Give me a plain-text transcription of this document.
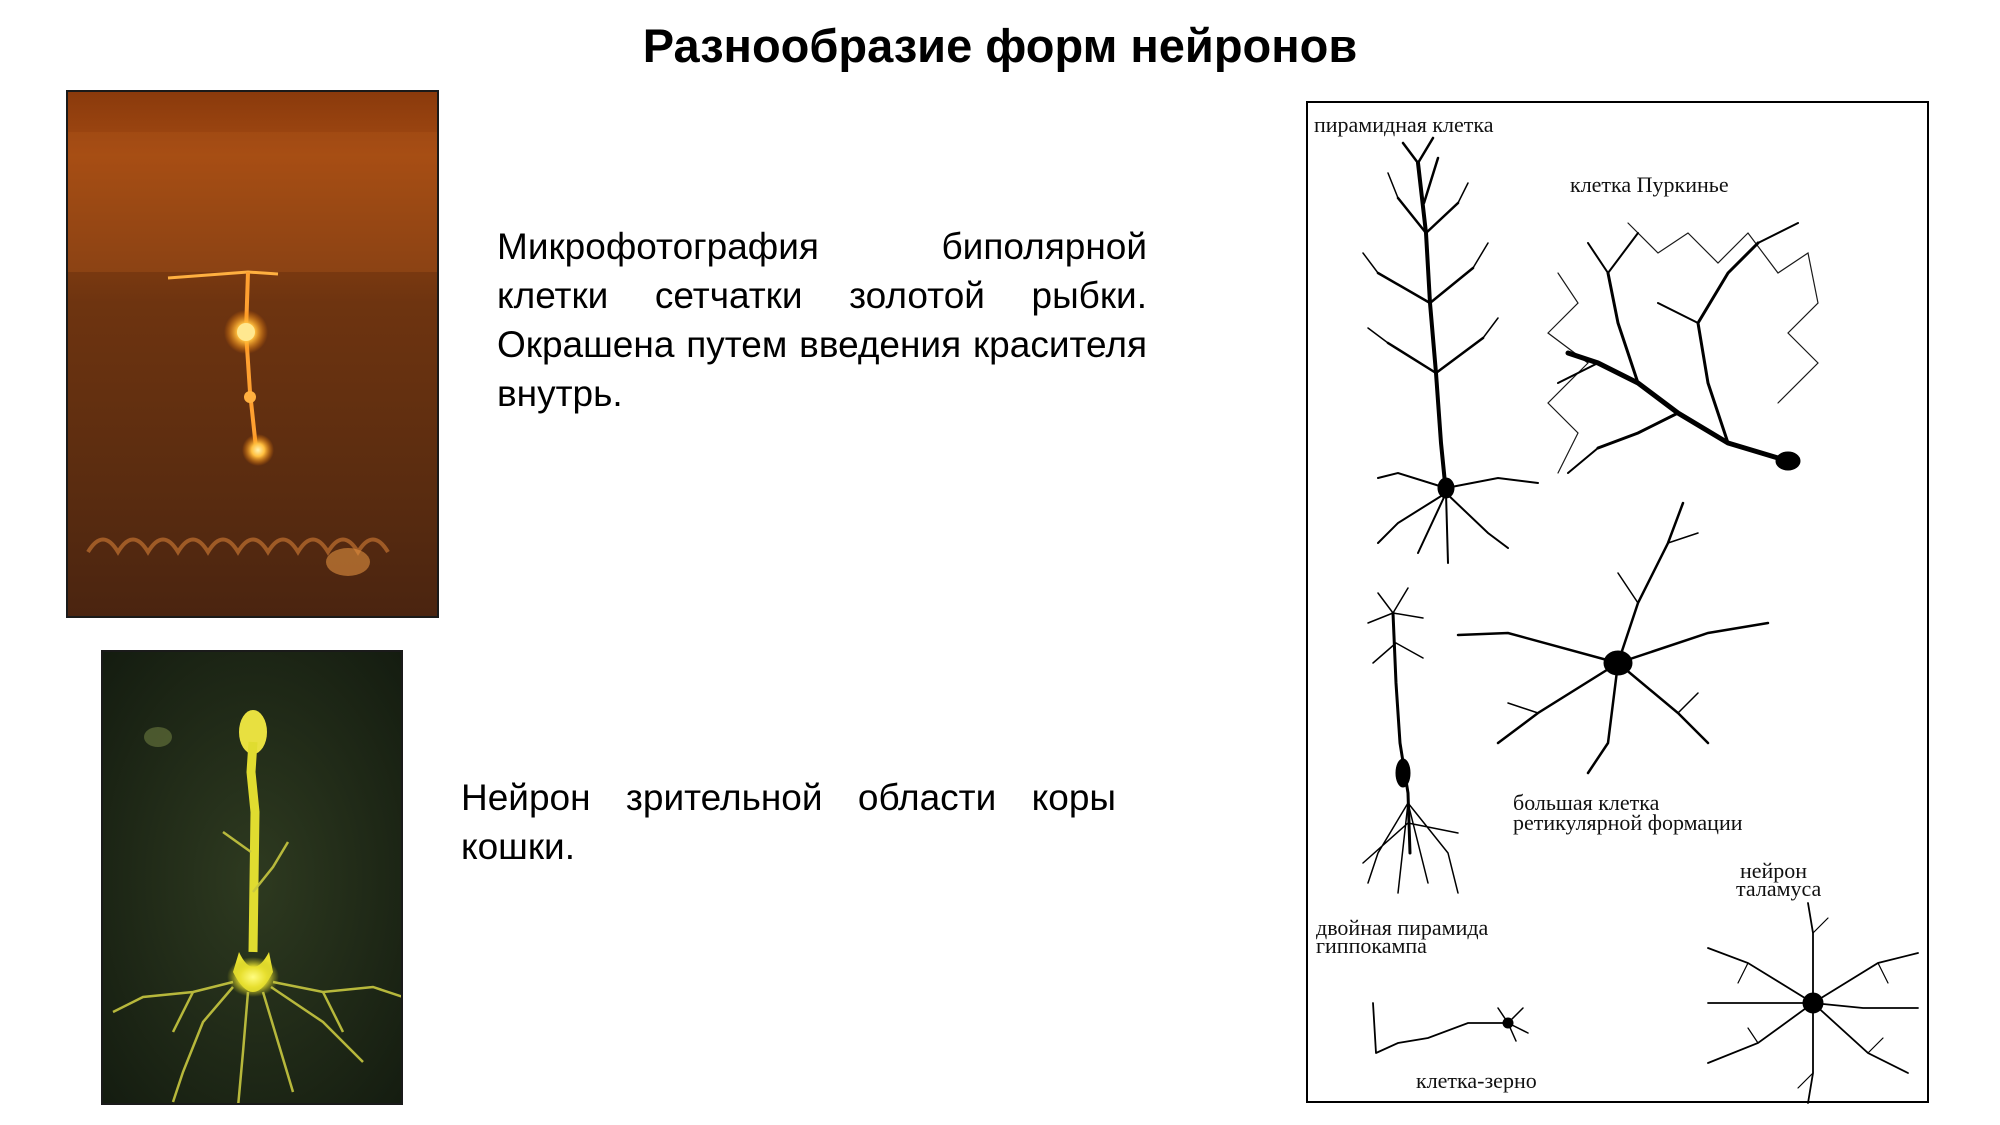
Разнообразие форм нейронов
Микрофотография биполярной клетки сетчатки золотой рыбки. Окрашена путем введения красителя внутрь.
Нейрон зрительной области коры кошки.
пирамидная клетка
клетка Пуркинье
большая клетка
ретикулярной формации
нейрон
таламуса
двойная пирамида
гиппокампа
клетка-зерно
